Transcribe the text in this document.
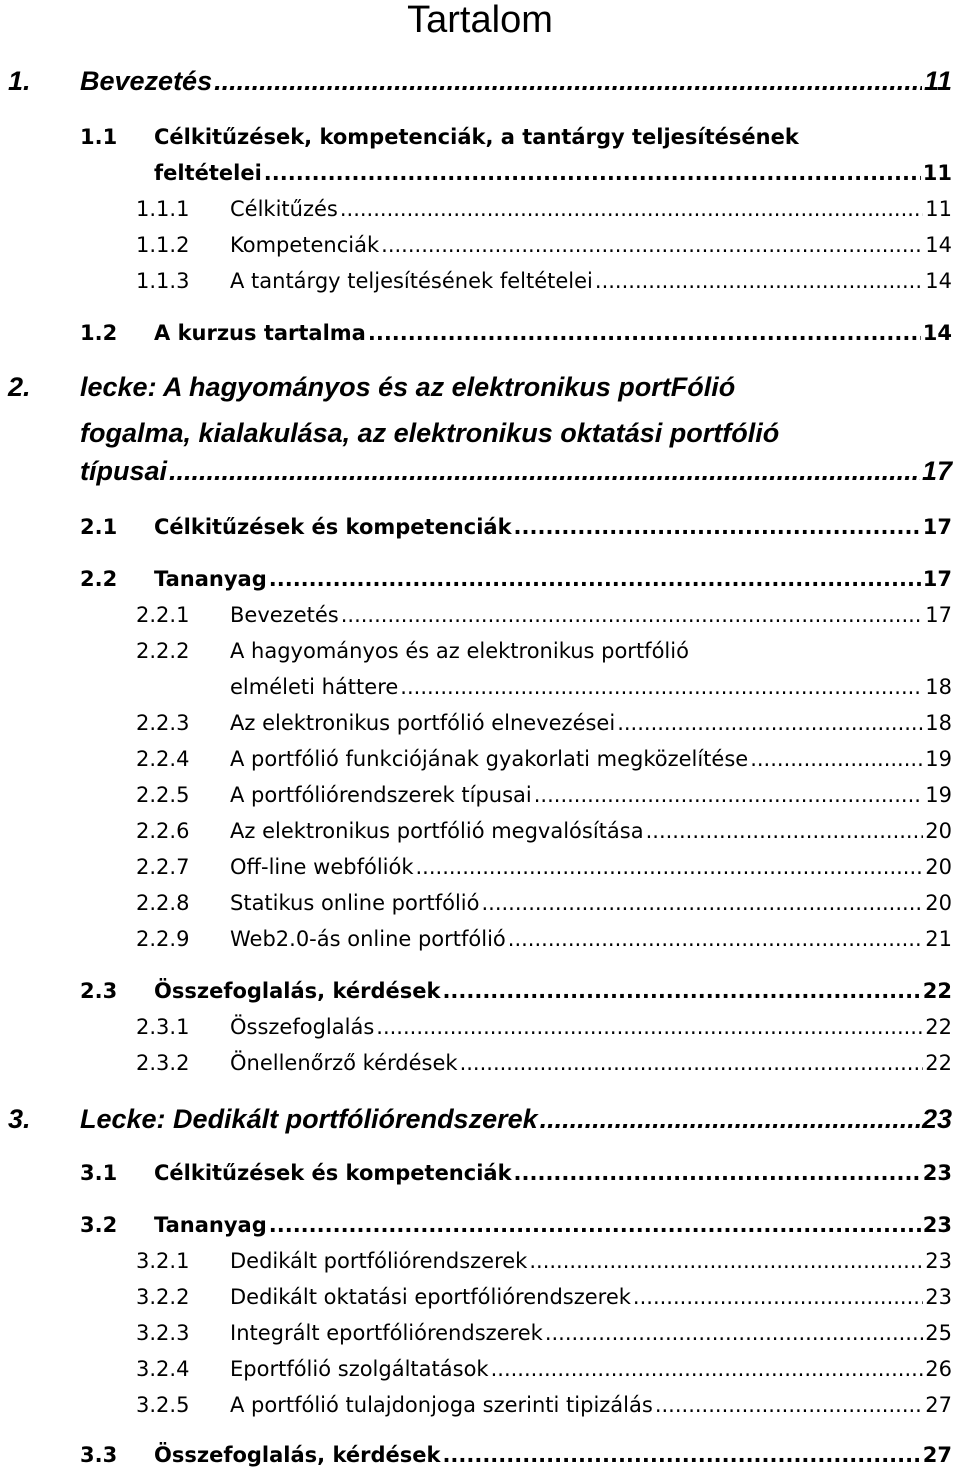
Tartalom
1. Bevezetés .....	11
1.1 Célkitűzések, kompetenciák, a tantárgy teljesítésének
feltételei .....	11
1.1.1 Célkitűzés .....	11
1.1.2 Kompetenciák .....	14
1.1.3 A tantárgy teljesítésének feltételei .....	14
1.2 A kurzus tartalma .....	14
2. lecke: A hagyományos és az elektronikus portFólió
fogalma, kialakulása, az elektronikus oktatási portfólió
típusai .....	17
2.1 Célkitűzések és kompetenciák .....	17
2.2 Tananyag .....	17
2.2.1 Bevezetés .....	17
2.2.2 A hagyományos és az elektronikus portfólió
elméleti háttere .....	18
2.2.3 Az elektronikus portfólió elnevezései .....	18
2.2.4 A portfólió funkciójának gyakorlati megközelítése .....	19
2.2.5 A portfóliórendszerek típusai .....	19
2.2.6 Az elektronikus portfólió megvalósítása .....	20
2.2.7 Off-line webfóliók .....	20
2.2.8 Statikus online portfólió .....	20
2.2.9 Web2.0-ás online portfólió .....	21
2.3 Összefoglalás, kérdések .....	22
2.3.1 Összefoglalás .....	22
2.3.2 Önellenőrző kérdések .....	22
3. Lecke: Dedikált portfóliórendszerek .....	23
3.1 Célkitűzések és kompetenciák .....	23
3.2 Tananyag .....	23
3.2.1 Dedikált portfóliórendszerek .....	23
3.2.2 Dedikált oktatási eportfóliórendszerek .....	23
3.2.3 Integrált eportfóliórendszerek .....	25
3.2.4 Eportfólió szolgáltatások .....	26
3.2.5 A portfólió tulajdonjoga szerinti tipizálás .....	27
3.3 Összefoglalás, kérdések .....	27
